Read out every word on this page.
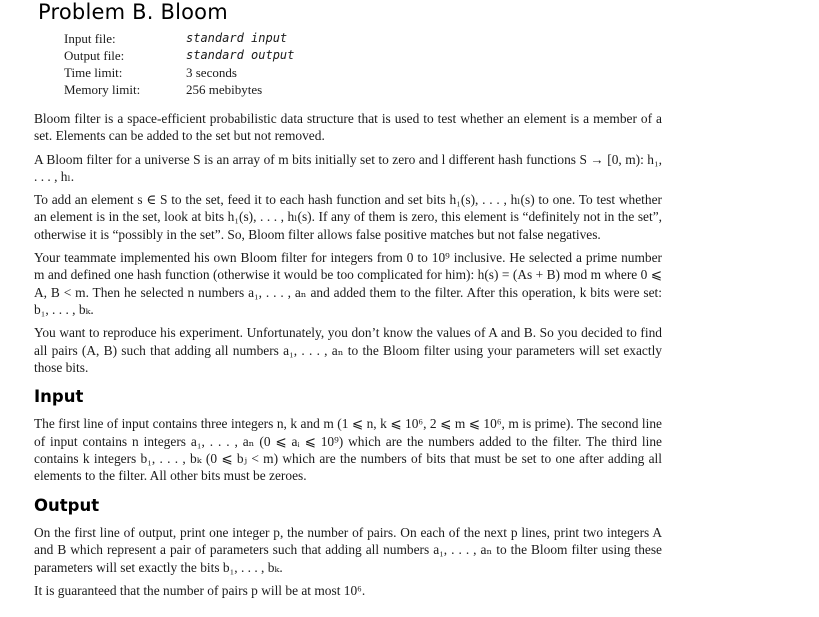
Problem B. Bloom
Input file:	standard input
Output file:	standard output
Time limit:	3 seconds
Memory limit:	256 mebibytes

Bloom filter is a space-efficient probabilistic data structure that is used to test whether an element is a member of a set. Elements can be added to the set but not removed.

A Bloom filter for a universe S is an array of m bits initially set to zero and l different hash functions S → [0, m): h₁, . . . , hₗ.

To add an element s ∈ S to the set, feed it to each hash function and set bits h₁(s), . . . , hₗ(s) to one. To test whether an element is in the set, look at bits h₁(s), . . . , hₗ(s). If any of them is zero, this element is “definitely not in the set”, otherwise it is “possibly in the set”. So, Bloom filter allows false positive matches but not false negatives.

Your teammate implemented his own Bloom filter for integers from 0 to 10⁹ inclusive. He selected a prime number m and defined one hash function (otherwise it would be too complicated for him): h(s) = (As + B) mod m where 0 ⩽ A, B < m. Then he selected n numbers a₁, . . . , aₙ and added them to the filter. After this operation, k bits were set: b₁, . . . , bₖ.

You want to reproduce his experiment. Unfortunately, you don’t know the values of A and B. So you decided to find all pairs (A, B) such that adding all numbers a₁, . . . , aₙ to the Bloom filter using your parameters will set exactly those bits.

Input

The first line of input contains three integers n, k and m (1 ⩽ n, k ⩽ 10⁶, 2 ⩽ m ⩽ 10⁶, m is prime). The second line of input contains n integers a₁, . . . , aₙ (0 ⩽ aᵢ ⩽ 10⁹) which are the numbers added to the filter. The third line contains k integers b₁, . . . , bₖ (0 ⩽ bⱼ < m) which are the numbers of bits that must be set to one after adding all elements to the filter. All other bits must be zeroes.

Output

On the first line of output, print one integer p, the number of pairs. On each of the next p lines, print two integers A and B which represent a pair of parameters such that adding all numbers a₁, . . . , aₙ to the Bloom filter using these parameters will set exactly the bits b₁, . . . , bₖ.

It is guaranteed that the number of pairs p will be at most 10⁶.
